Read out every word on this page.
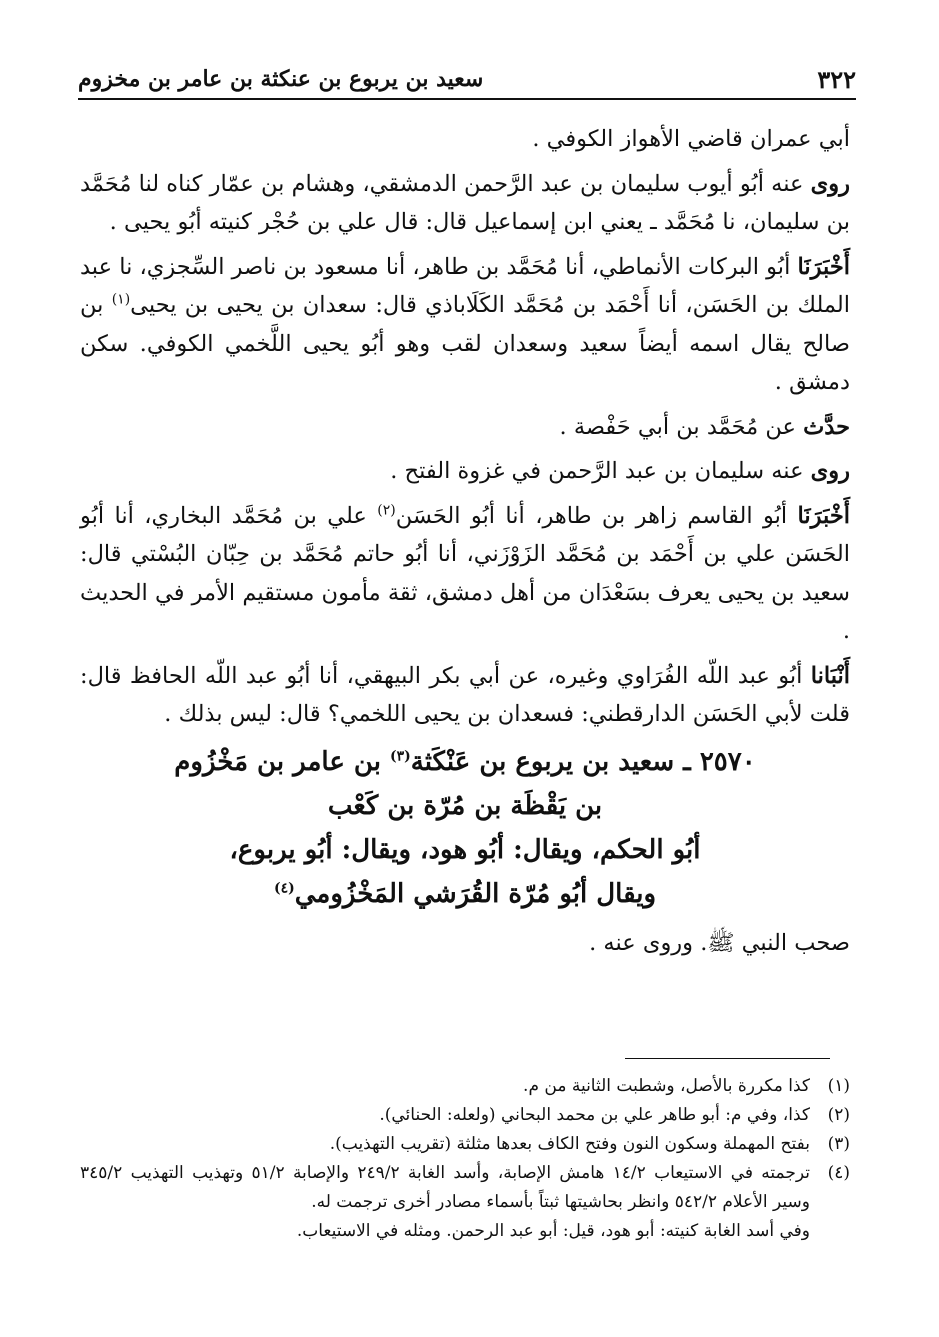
٣٢٢
سعيد بن يربوع بن عنكثة بن عامر بن مخزوم

أبي عمران قاضي الأهواز الكوفي .

روى عنه أبُو أيوب سليمان بن عبد الرَّحمن الدمشقي، وهشام بن عمّار كناه لنا مُحَمَّد بن سليمان، نا مُحَمَّد ـ يعني ابن إسماعيل قال: قال علي بن حُجْر كنيته أبُو يحيى .

أَخْبَرَنَا أبُو البركات الأنماطي، أنا مُحَمَّد بن طاهر، أنا مسعود بن ناصر السِّجزي، نا عبد الملك بن الحَسَن، أنا أَحْمَد بن مُحَمَّد الكَلَاباذي قال: سعدان بن يحيى بن يحيى$^{(١)}$ بن صالح يقال اسمه أيضاً سعيد وسعدان لقب وهو أبُو يحيى اللَّخمي الكوفي. سكن دمشق .

حدَّث عن مُحَمَّد بن أبي حَفْصة .

روى عنه سليمان بن عبد الرَّحمن في غزوة الفتح .

أَخْبَرَنَا أبُو القاسم زاهر بن طاهر، أنا أبُو الحَسَن$^{(٢)}$ علي بن مُحَمَّد البخاري، أنا أبُو الحَسَن علي بن أَحْمَد بن مُحَمَّد الزَوْزَني، أنا أبُو حاتم مُحَمَّد بن حِبّان البُسْتي قال: سعيد بن يحيى يعرف بسَعْدَان من أهل دمشق، ثقة مأمون مستقيم الأمر في الحديث .

أَنْبَانا أبُو عبد اللّه الفُرَاوي وغيره، عن أبي بكر البيهقي، أنا أبُو عبد اللّه الحافظ قال: قلت لأبي الحَسَن الدارقطني: فسعدان بن يحيى اللخمي؟ قال: ليس بذلك .

٢٥٧٠ ـ سعيد بن يربوع بن عَنْكَثة$^{(٣)}$ بن عامر بن مَخْزُوم
بن يَقْظَة بن مُرّة بن كَعْب
أبُو الحكم، ويقال: أبُو هود، ويقال: أبُو يربوع،
ويقال أبُو مُرّة القُرَشي المَخْزُومي$^{(٤)}$

صحب النبي ﷺ. وروى عنه .

(١)
كذا مكررة بالأصل، وشطبت الثانية من م.
(٢)
كذا، وفي م: أبو طاهر علي بن محمد البحاني (ولعله: الحنائي).
(٣)
بفتح المهملة وسكون النون وفتح الكاف بعدها مثلثة (تقريب التهذيب).
(٤)
ترجمته في الاستيعاب ١٤/٢ هامش الإصابة، وأسد الغابة ٢٤٩/٢ والإصابة ٥١/٢ وتهذيب التهذيب ٣٤٥/٢ وسير الأعلام ٥٤٢/٢ وانظر بحاشيتها ثبتاً بأسماء مصادر أخرى ترجمت له.
وفي أسد الغابة كنيته: أبو هود، قيل: أبو عبد الرحمن. ومثله في الاستيعاب.
